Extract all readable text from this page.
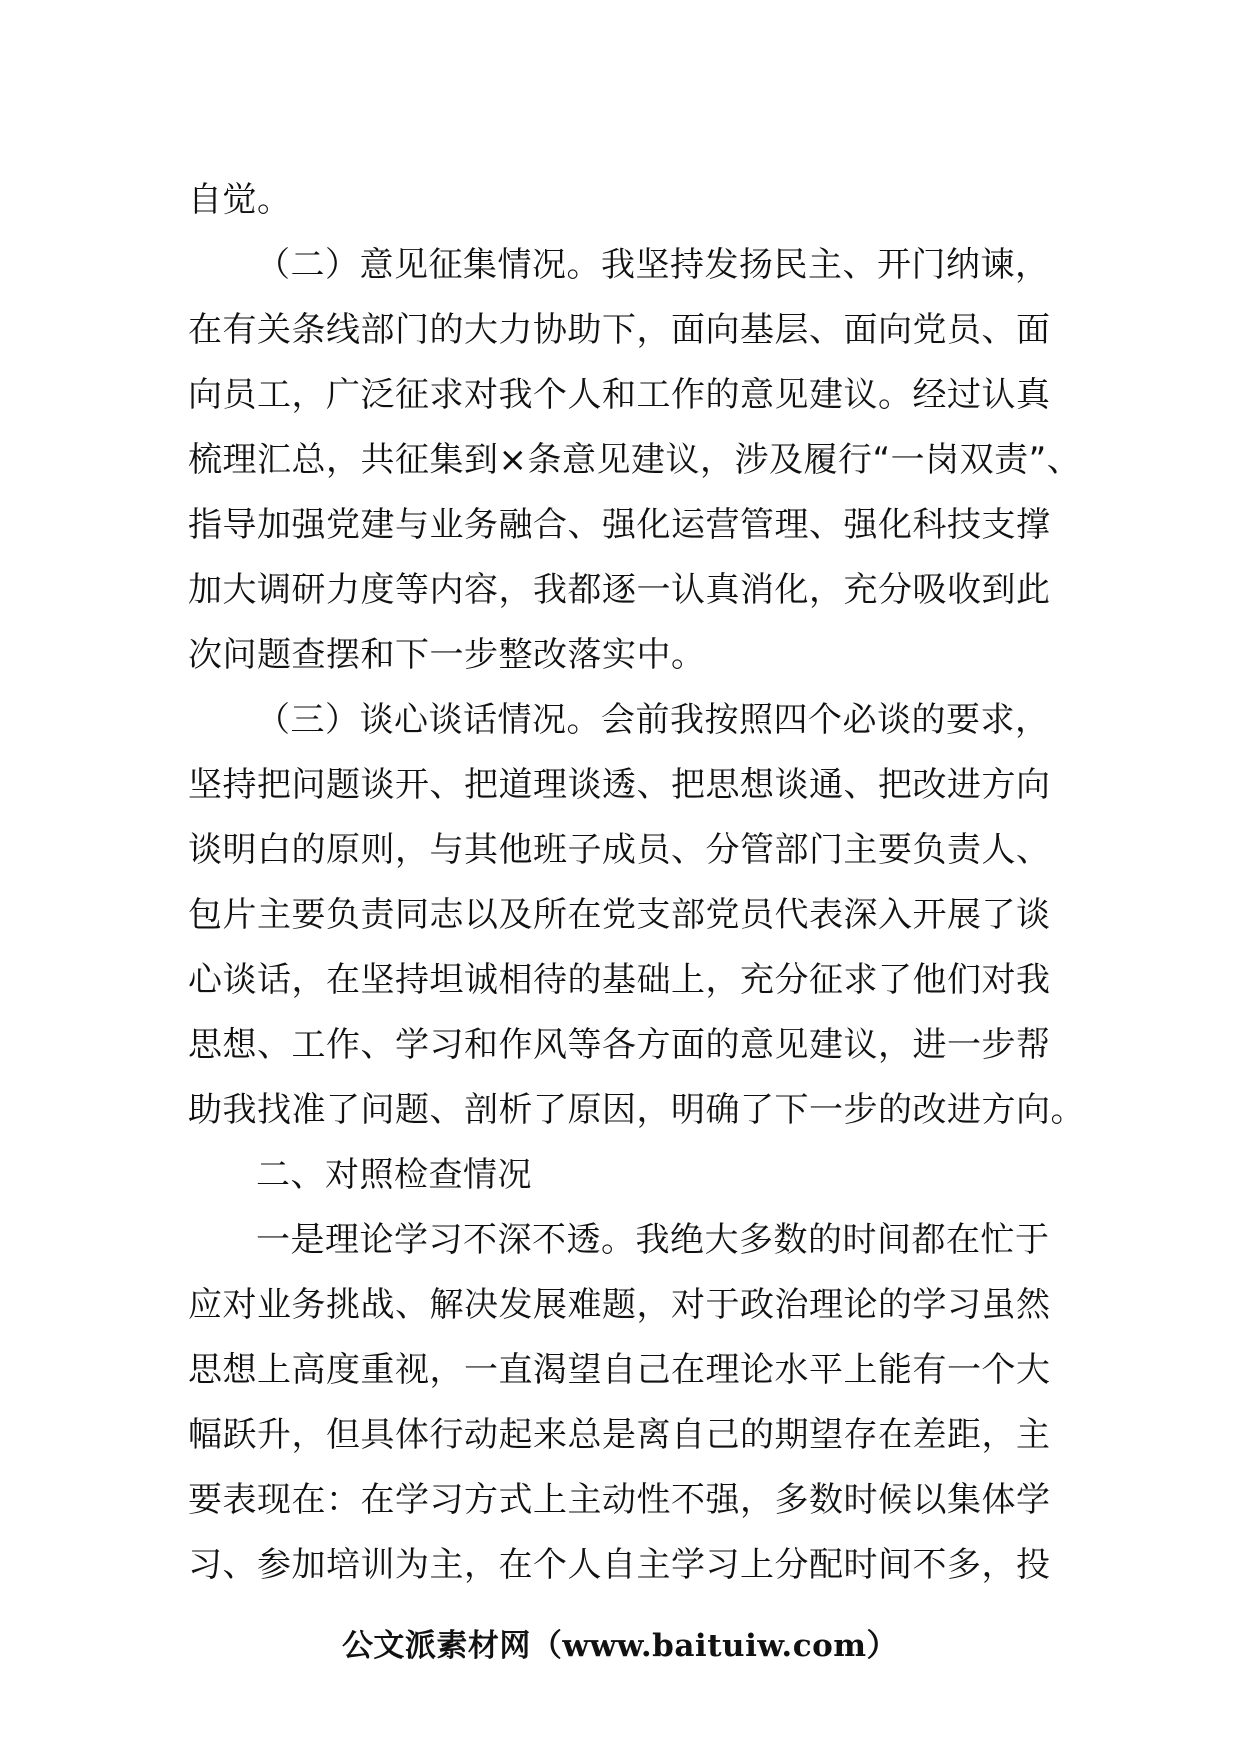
自觉。
（二）意见征集情况。我坚持发扬民主、开门纳谏，
在有关条线部门的大力协助下，面向基层、面向党员、面
向员工，广泛征求对我个人和工作的意见建议。经过认真
梳理汇总，共征集到×条意见建议，涉及履行“一岗双责”、
指导加强党建与业务融合、强化运营管理、强化科技支撑
加大调研力度等内容，我都逐一认真消化，充分吸收到此
次问题查摆和下一步整改落实中。
（三）谈心谈话情况。会前我按照四个必谈的要求，
坚持把问题谈开、把道理谈透、把思想谈通、把改进方向
谈明白的原则，与其他班子成员、分管部门主要负责人、
包片主要负责同志以及所在党支部党员代表深入开展了谈
心谈话，在坚持坦诚相待的基础上，充分征求了他们对我
思想、工作、学习和作风等各方面的意见建议，进一步帮
助我找准了问题、剖析了原因，明确了下一步的改进方向。
二、对照检查情况
一是理论学习不深不透。我绝大多数的时间都在忙于
应对业务挑战、解决发展难题，对于政治理论的学习虽然
思想上高度重视，一直渴望自己在理论水平上能有一个大
幅跃升，但具体行动起来总是离自己的期望存在差距，主
要表现在：在学习方式上主动性不强，多数时候以集体学
习、参加培训为主，在个人自主学习上分配时间不多，投
公文派素材网（www.baituiw.com）
